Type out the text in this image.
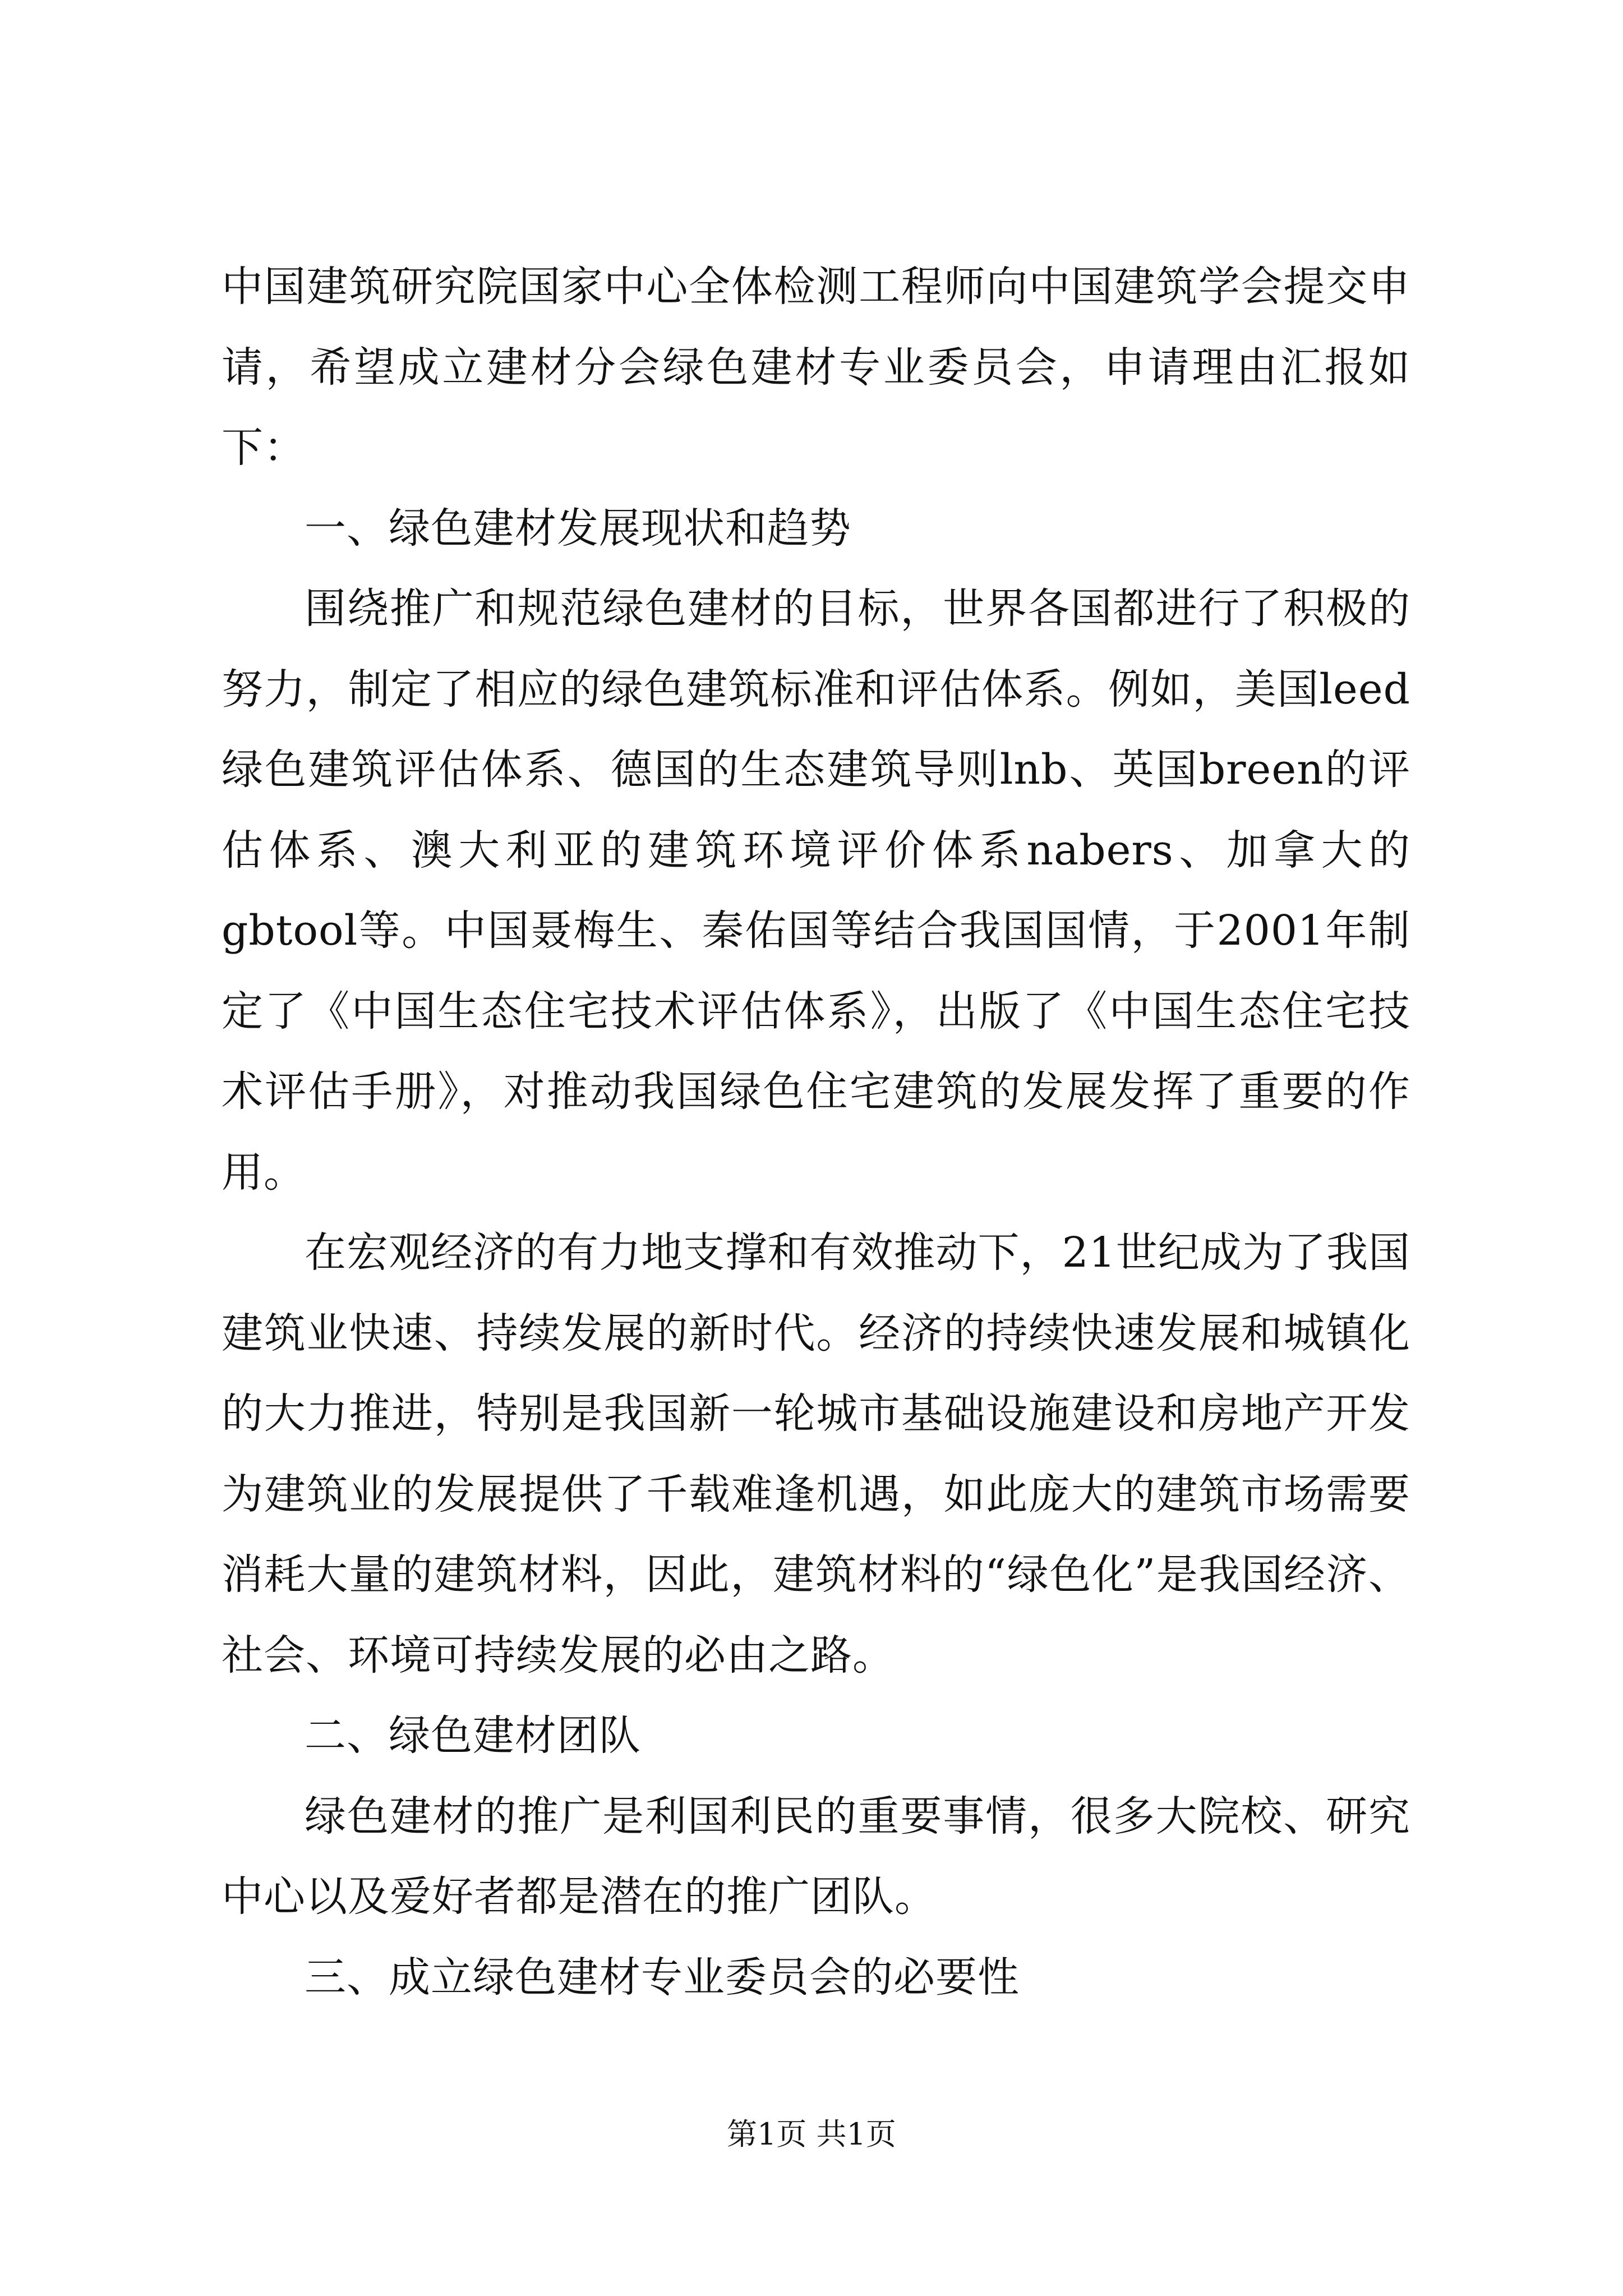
中国建筑研究院国家中心全体检测工程师向中国建筑学会提交申请，希望成立建材分会绿色建材专业委员会，申请理由汇报如下：

一、绿色建材发展现状和趋势

围绕推广和规范绿色建材的目标，世界各国都进行了积极的努力，制定了相应的绿色建筑标准和评估体系。例如，美国leed绿色建筑评估体系、德国的生态建筑导则lnb、英国breen的评估体系、澳大利亚的建筑环境评价体系nabers、加拿大的gbtool等。中国聂梅生、秦佑国等结合我国国情，于2001年制定了《中国生态住宅技术评估体系》，出版了《中国生态住宅技术评估手册》，对推动我国绿色住宅建筑的发展发挥了重要的作用。

在宏观经济的有力地支撑和有效推动下，21世纪成为了我国建筑业快速、持续发展的新时代。经济的持续快速发展和城镇化的大力推进，特别是我国新一轮城市基础设施建设和房地产开发为建筑业的发展提供了千载难逢机遇，如此庞大的建筑市场需要消耗大量的建筑材料，因此，建筑材料的“绿色化”是我国经济、社会、环境可持续发展的必由之路。

二、绿色建材团队

绿色建材的推广是利国利民的重要事情，很多大院校、研究中心以及爱好者都是潜在的推广团队。

三、成立绿色建材专业委员会的必要性

第1页 共1页
